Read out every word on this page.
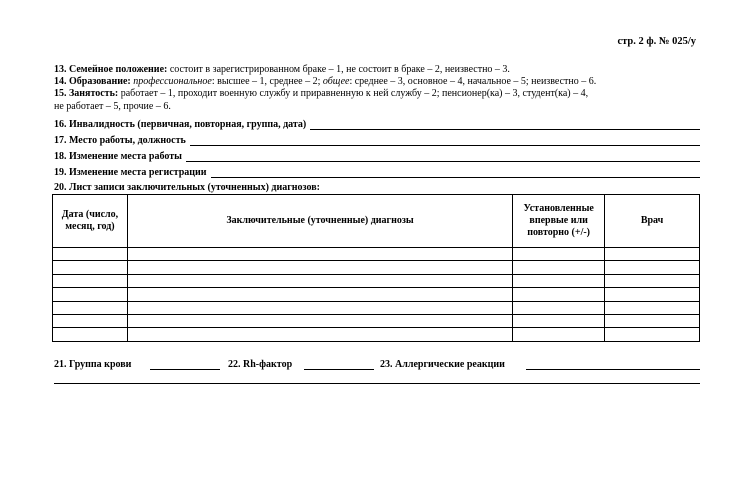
стр. 2 ф. № 025/у
13. Семейное положение: состоит в зарегистрированном браке – 1, не состоит в браке – 2, неизвестно – 3.
14. Образование: профессиональное: высшее – 1, среднее – 2; общее: среднее – 3, основное – 4, начальное – 5; неизвестно – 6.
15. Занятость: работает – 1, проходит военную службу и приравненную к ней службу – 2; пенсионер(ка) – 3, студент(ка) – 4,
не работает – 5, прочие – 6.
16. Инвалидность (первичная, повторная, группа, дата)
17. Место работы, должность
18. Изменение места работы
19. Изменение места регистрации
20. Лист записи заключительных (уточненных) диагнозов:
Дата (число, месяц, год)	Заключительные (уточненные) диагнозы	Установленные впервые или повторно (+/-)	Врач

21. Группа крови	22. Rh-фактор	23. Аллергические реакции
